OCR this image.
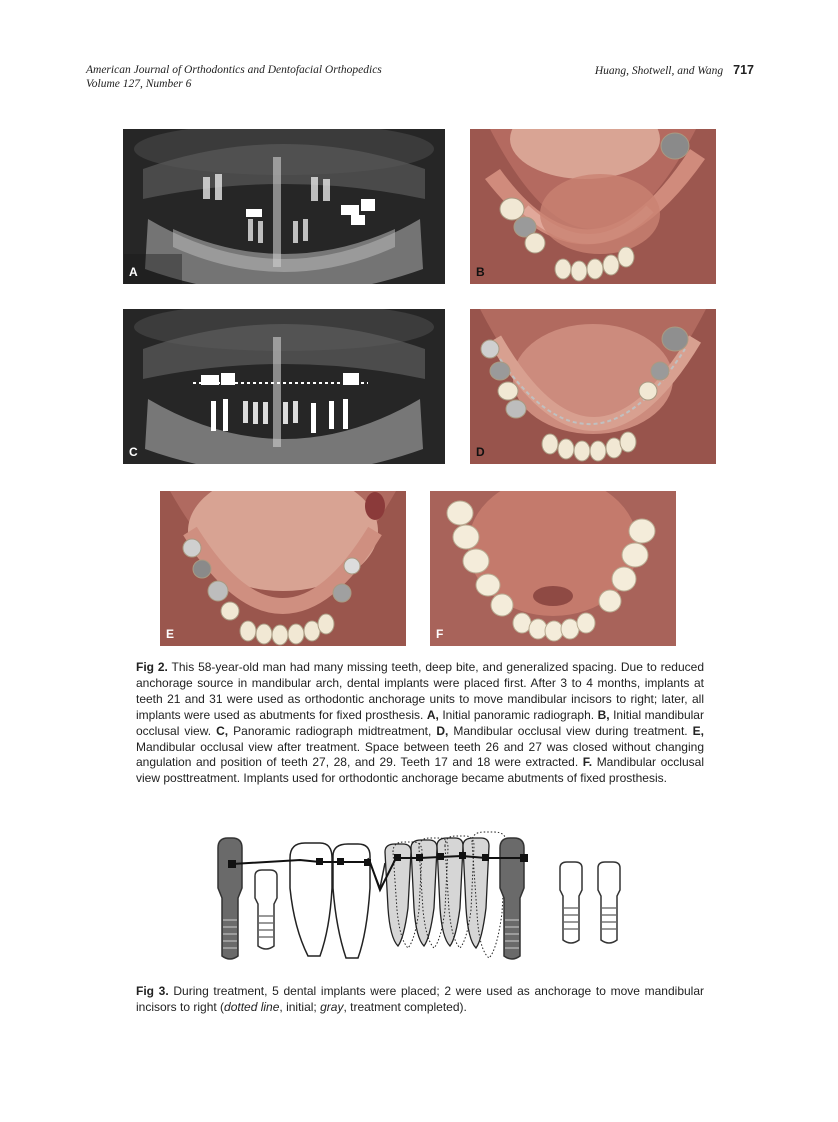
American Journal of Orthodontics and Dentofacial Orthopedics
Volume 127, Number 6
Huang, Shotwell, and Wang 717
A	B
C	D
E	F

Fig 2. This 58-year-old man had many missing teeth, deep bite, and generalized spacing. Due to reduced anchorage source in mandibular arch, dental implants were placed first. After 3 to 4 months, implants at teeth 21 and 31 were used as orthodontic anchorage units to move mandibular incisors to right; later, all implants were used as abutments for fixed prosthesis. A, Initial panoramic radiograph. B, Initial mandibular occlusal view. C, Panoramic radiograph midtreatment, D, Mandibular occlusal view during treatment. E, Mandibular occlusal view after treatment. Space between teeth 26 and 27 was closed without changing angulation and position of teeth 27, 28, and 29. Teeth 17 and 18 were extracted. F. Mandibular occlusal view posttreatment. Implants used for orthodontic anchorage became abutments of fixed prosthesis.

Fig 3. During treatment, 5 dental implants were placed; 2 were used as anchorage to move mandibular incisors to right (dotted line, initial; gray, treatment completed).
